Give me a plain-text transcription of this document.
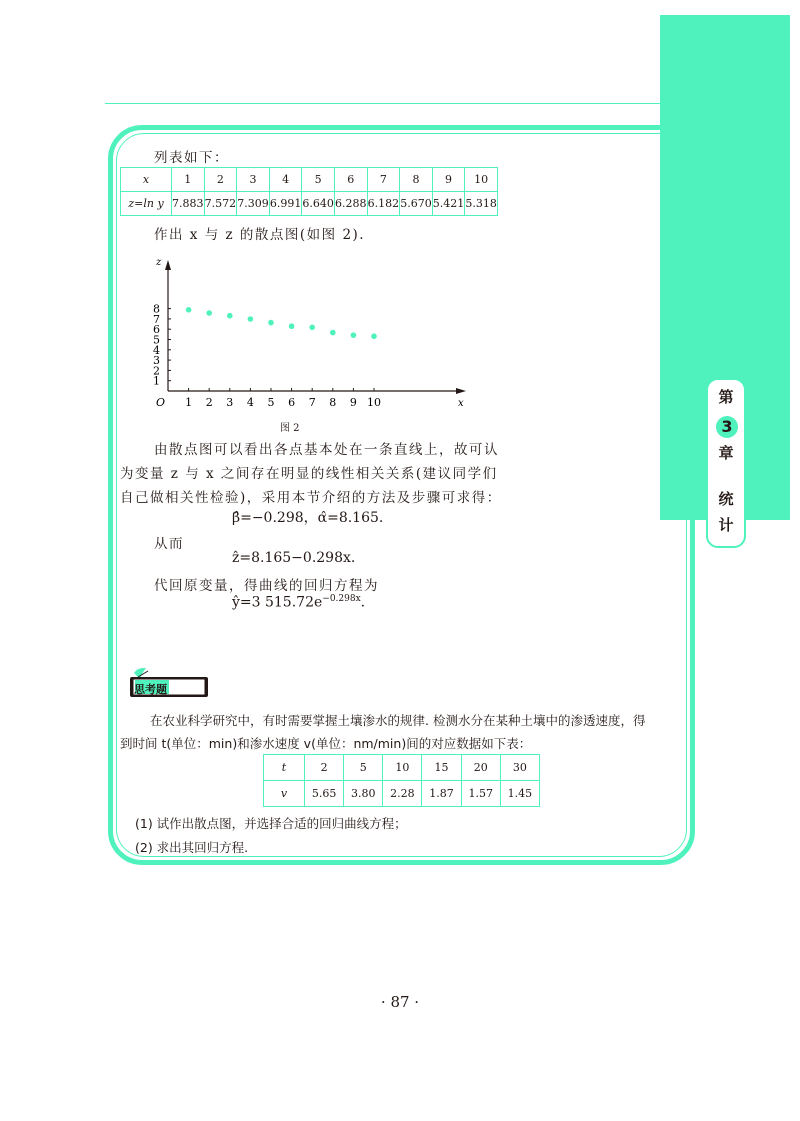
第
3
章
统
计
列表如下：
x	1	2	3	4	5	6	7	8	9	10
z=ln y	7.883	7.572	7.309	6.991	6.640	6.288	6.182	5.670	5.421	5.318
作出 x 与 z 的散点图(如图 2).
O	x
z
1 2 3 4 5 6 7 8 9 10
1
2
3
4
5
6
7
8
图 2
由散点图可以看出各点基本处在一条直线上，故可认
为变量 z 与 x 之间存在明显的线性相关关系(建议同学们
自己做相关性检验)，采用本节介绍的方法及步骤可求得：
β̂=−0.298，α̂=8.165.
从而
ẑ=8.165−0.298x.
代回原变量，得曲线的回归方程为
ŷ=3 $515.72e^{-0.298x}$.
思考题
在农业科学研究中，有时需要掌握土壤渗水的规律. 检测水分在某种土壤中的渗透速度，得
到时间 t(单位：min)和渗水速度 v(单位：nm/min)间的对应数据如下表：
t	2	5	10	15	20	30
v	5.65	3.80	2.28	1.87	1.57	1.45
(1) 试作出散点图，并选择合适的回归曲线方程；
(2) 求出其回归方程.
· 87 ·
